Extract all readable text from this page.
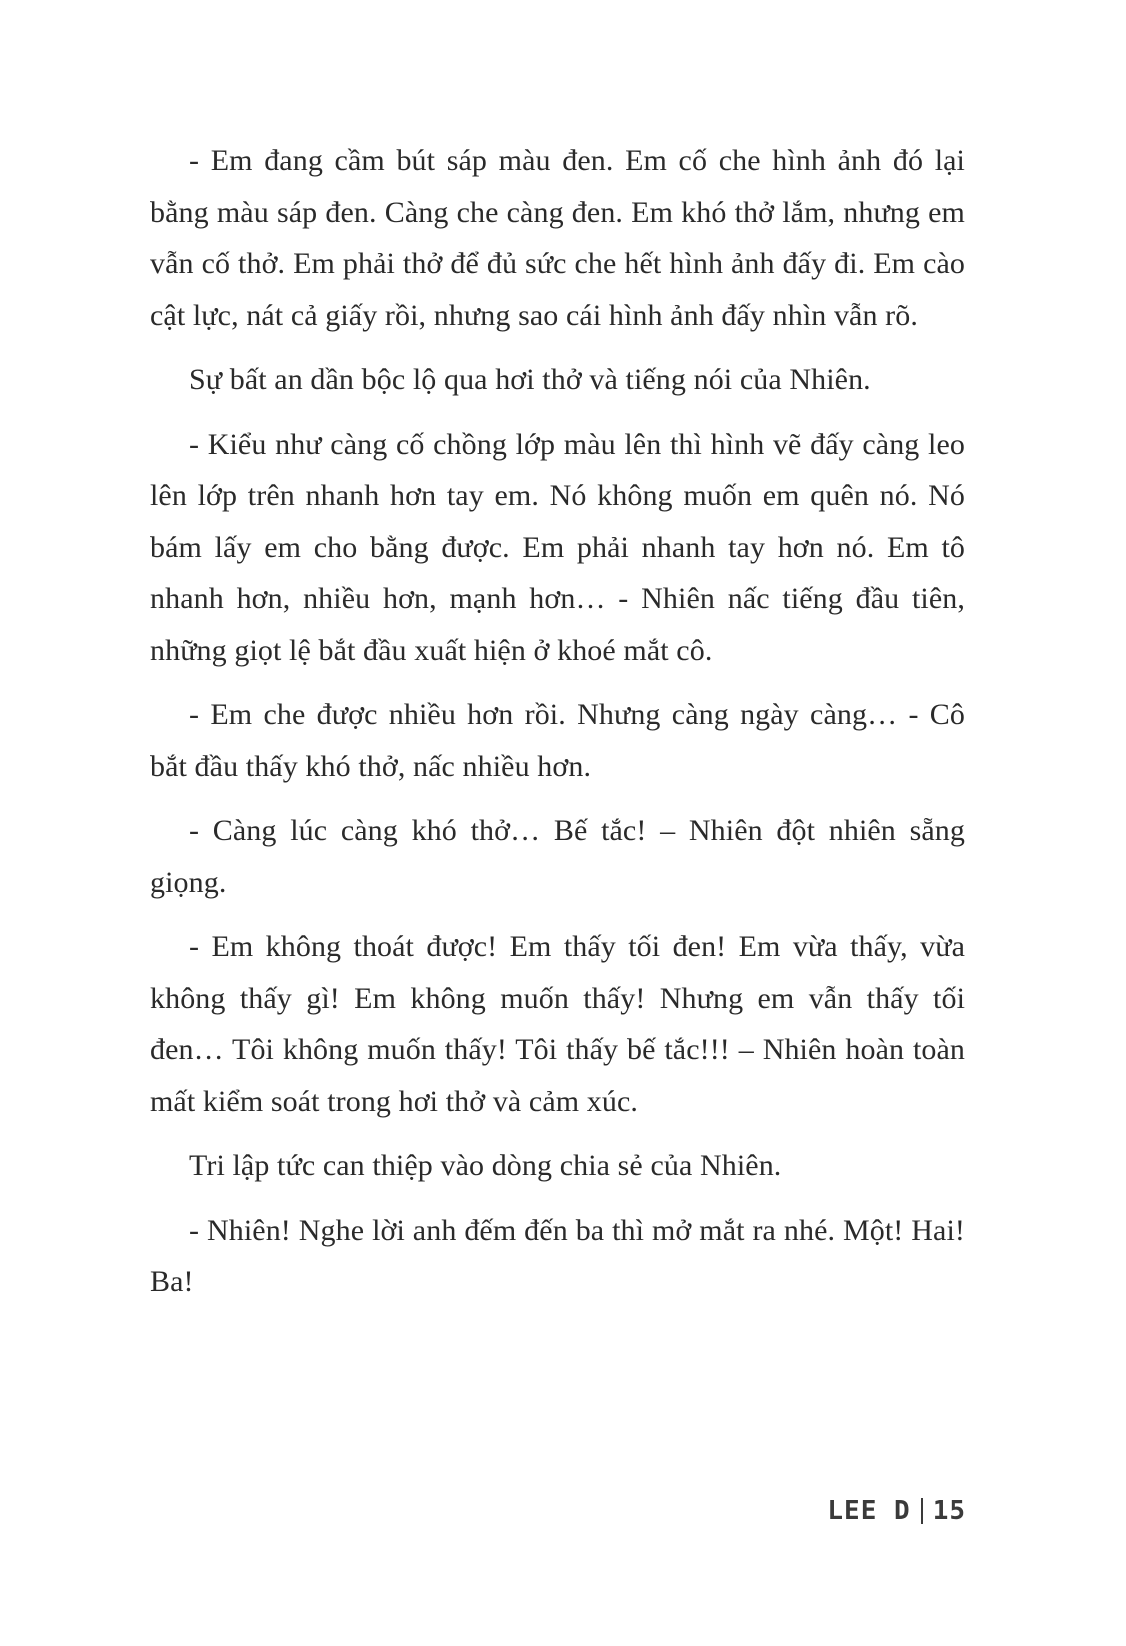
- Em đang cầm bút sáp màu đen. Em cố che hình ảnh đó lại bằng màu sáp đen. Càng che càng đen. Em khó thở lắm, nhưng em vẫn cố thở. Em phải thở để đủ sức che hết hình ảnh đấy đi. Em cào cật lực, nát cả giấy rồi, nhưng sao cái hình ảnh đấy nhìn vẫn rõ.

Sự bất an dần bộc lộ qua hơi thở và tiếng nói của Nhiên.

- Kiểu như càng cố chồng lớp màu lên thì hình vẽ đấy càng leo lên lớp trên nhanh hơn tay em. Nó không muốn em quên nó. Nó bám lấy em cho bằng được. Em phải nhanh tay hơn nó. Em tô nhanh hơn, nhiều hơn, mạnh hơn… - Nhiên nấc tiếng đầu tiên, những giọt lệ bắt đầu xuất hiện ở khoé mắt cô.

- Em che được nhiều hơn rồi. Nhưng càng ngày càng… - Cô bắt đầu thấy khó thở, nấc nhiều hơn.

- Càng lúc càng khó thở… Bế tắc! – Nhiên đột nhiên sẵng giọng.

- Em không thoát được! Em thấy tối đen! Em vừa thấy, vừa không thấy gì! Em không muốn thấy! Nhưng em vẫn thấy tối đen… Tôi không muốn thấy! Tôi thấy bế tắc!!! – Nhiên hoàn toàn mất kiểm soát trong hơi thở và cảm xúc.

Tri lập tức can thiệp vào dòng chia sẻ của Nhiên.

- Nhiên! Nghe lời anh đếm đến ba thì mở mắt ra nhé. Một! Hai! Ba!

LEE D 15
